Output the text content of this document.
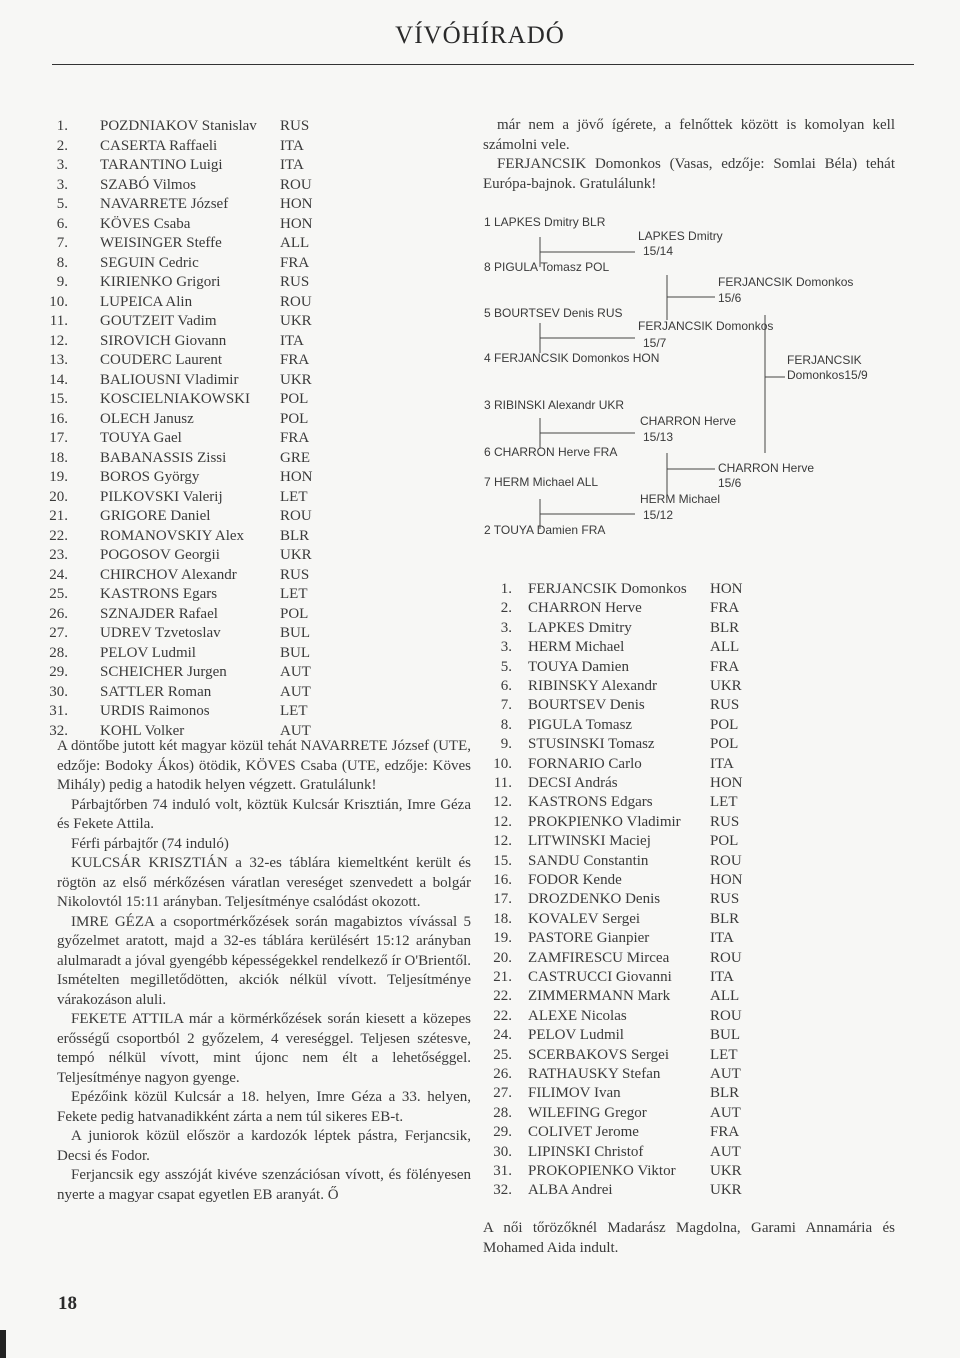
VÍVÓHÍRADÓ
1. POZDNIAKOV Stanislav RUS
2. CASERTA Raffaeli	ITA
3. TARANTINO Luigi	ITA
3. SZABÓ Vilmos	ROU
5. NAVARRETE József	HON
6. KÖVES Csaba	HON
7. WEISINGER Steffe	ALL
8. SEGUIN Cedric	FRA
9. KIRIENKO Grigori	RUS
10. LUPEICA Alin	ROU
11. GOUTZEIT Vadim	UKR
12. SIROVICH Giovann	ITA
13. COUDERC Laurent	FRA
14. BALIOUSNI Vladimir	UKR
15. KOSCIELNIAKOWSKI POL
16. OLECH Janusz	POL
17. TOUYA Gael	FRA
18. BABANASSIS Zissi	GRE
19. BOROS György	HON
20. PILKOVSKI Valerij	LET
21. GRIGORE Daniel	ROU
22. ROMANOVSKIY Alex BLR
23. POGOSOV Georgii	UKR
24. CHIRCHOV Alexandr	RUS
25. KASTRONS Egars	LET
26. SZNAJDER Rafael	POL
27. UDREV Tzvetoslav	BUL
28. PELOV Ludmil	BUL
29. SCHEICHER Jurgen	AUT
30. SATTLER Roman	AUT
31. URDIS Raimonos	LET
32. KOHL Volker	AUT

A döntőbe jutott két magyar közül tehát NAVARRETE József (UTE, edzője: Bodoky Ákos) ötödik, KÖVES Csaba (UTE, edzője: Köves Mihály) pedig a hatodik helyen végzett. Gratulálunk!

Párbajtőrben 74 induló volt, köztük Kulcsár Krisztián, Imre Géza és Fekete Attila.

Férfi párbajtőr (74 induló)

KULCSÁR KRISZTIÁN a 32-es táblára kiemeltként került és rögtön az első mérkőzésen váratlan vereséget szenvedett a bolgár Nikolovtól 15:11 arányban. Teljesítménye csalódást okozott.

IMRE GÉZA a csoportmérkőzések során magabiztos vívással 5 győzelmet aratott, majd a 32-es táblára kerülésért 15:12 arányban alulmaradt a jóval gyengébb képességekkel rendelkező ír O'Brientől. Ismételten megilletődötten, akciók nélkül vívott. Teljesítménye várakozáson aluli.

FEKETE ATTILA már a körmérkőzések során kiesett a közepes erősségű csoportból 2 győzelem, 4 vereséggel. Teljesen szétesve, tempó nélkül vívott, mint újonc nem élt a lehetőséggel. Teljesítménye nagyon gyenge.

Epézőink közül Kulcsár a 18. helyen, Imre Géza a 33. helyen, Fekete pedig hatvanadikként zárta a nem túl sikeres EB-t.

A juniorok közül először a kardozók léptek pástra, Ferjancsik, Decsi és Fodor.

Ferjancsik egy asszóját kivéve szenzációsan vívott, és fölényesen nyerte a magyar csapat egyetlen EB aranyát. Ő

már nem a jövő ígérete, a felnőttek között is komolyan kell számolni vele.

FERJANCSIK Domonkos (Vasas, edzője: Somlai Béla) tehát Európa-bajnok. Gratulálunk!

1 LAPKES Dmitry BLR
8 PIGULA Tomasz POL
5 BOURTSEV Denis RUS
4 FERJANCSIK Domonkos HON
3 RIBINSKI Alexandr UKR
6 CHARRON Herve FRA
7 HERM Michael ALL
2 TOUYA Damien FRA
LAPKES Dmitry
15/14
FERJANCSIK Domonkos
15/7
CHARRON Herve
15/13
HERM Michael
15/12
FERJANCSIK Domonkos
15/6
CHARRON Herve
15/6
FERJANCSIK
Domonkos15/9
1. FERJANCSIK Domonkos HON
2. CHARRON Herve	FRA
3. LAPKES Dmitry	BLR
3. HERM Michael	ALL
5. TOUYA Damien	FRA
6. RIBINSKY Alexandr	UKR
7. BOURTSEV Denis	RUS
8. PIGULA Tomasz	POL
9. STUSINSKI Tomasz	POL
10. FORNARIO Carlo	ITA
11. DECSI András	HON
12. KASTRONS Edgars	LET
12. PROKPIENKO Vladimir RUS
12. LITWINSKI Maciej	POL
15. SANDU Constantin	ROU
16. FODOR Kende	HON
17. DROZDENKO Denis	RUS
18. KOVALEV Sergei	BLR
19. PASTORE Gianpier	ITA
20. ZAMFIRESCU Mircea	ROU
21. CASTRUCCI Giovanni	ITA
22. ZIMMERMANN Mark	ALL
22. ALEXE Nicolas	ROU
24. PELOV Ludmil	BUL
25. SCERBAKOVS Sergei	LET
26. RATHAUSKY Stefan	AUT
27. FILIMOV Ivan	BLR
28. WILEFING Gregor	AUT
29. COLIVET Jerome	FRA
30. LIPINSKI Christof	AUT
31. PROKOPIENKO Viktor UKR
32. ALBA Andrei	UKR
A női tőrözőknél Madarász Magdolna, Garami Annamária és Mohamed Aida indult.
18
